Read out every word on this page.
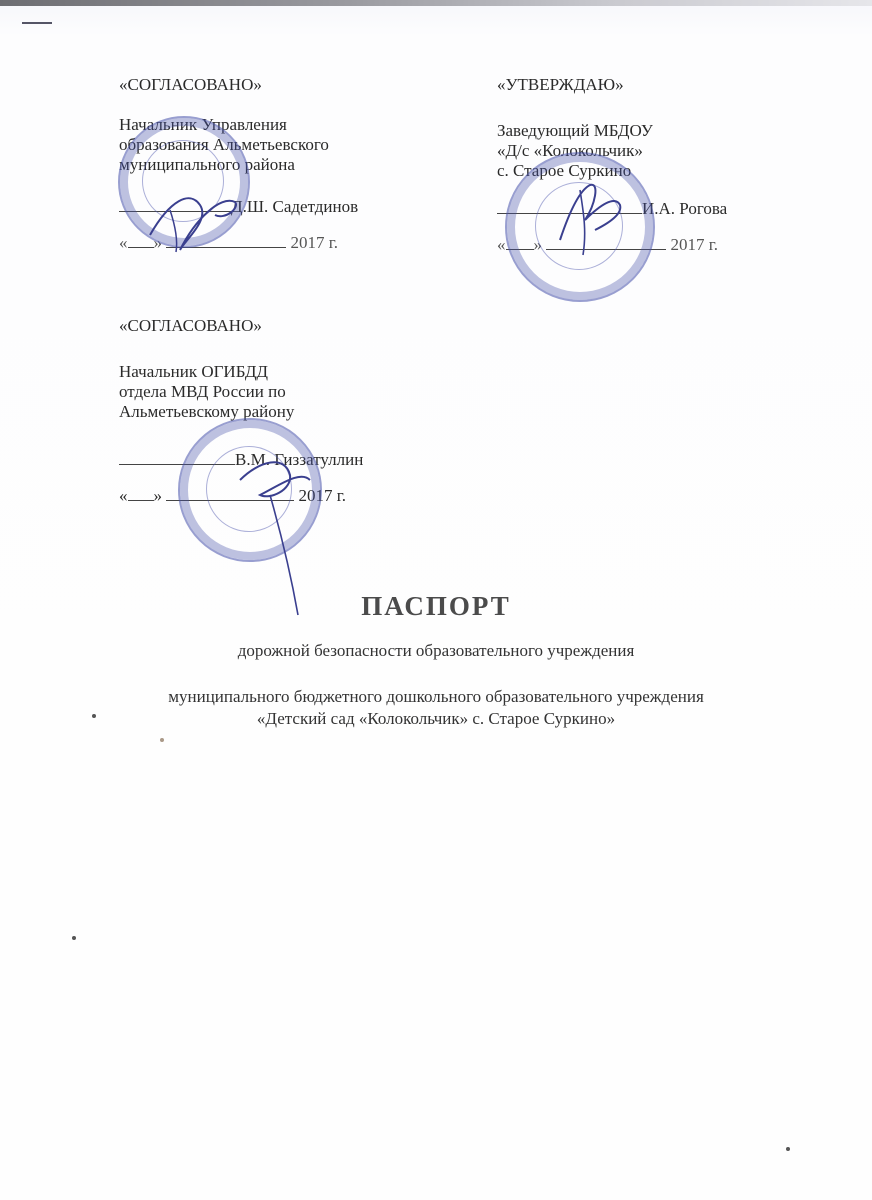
«СОГЛАСОВАНО»
Начальник Управления
образования Альметьевского
муниципального района
Д.Ш. Садетдинов
« »	2017 г.
«УТВЕРЖДАЮ»
Заведующий МБДОУ
«Д/с «Колокольчик»
с. Старое Суркино
И.А. Рогова
« »	2017 г.
«СОГЛАСОВАНО»
Начальник ОГИБДД
отдела МВД России по
Альметьевскому району
В.М. Гиззатуллин
« »	2017 г.
ПАСПОРТ
дорожной безопасности образовательного учреждения
муниципального бюджетного дошкольного образовательного учреждения
«Детский сад «Колокольчик» с. Старое Суркино»
